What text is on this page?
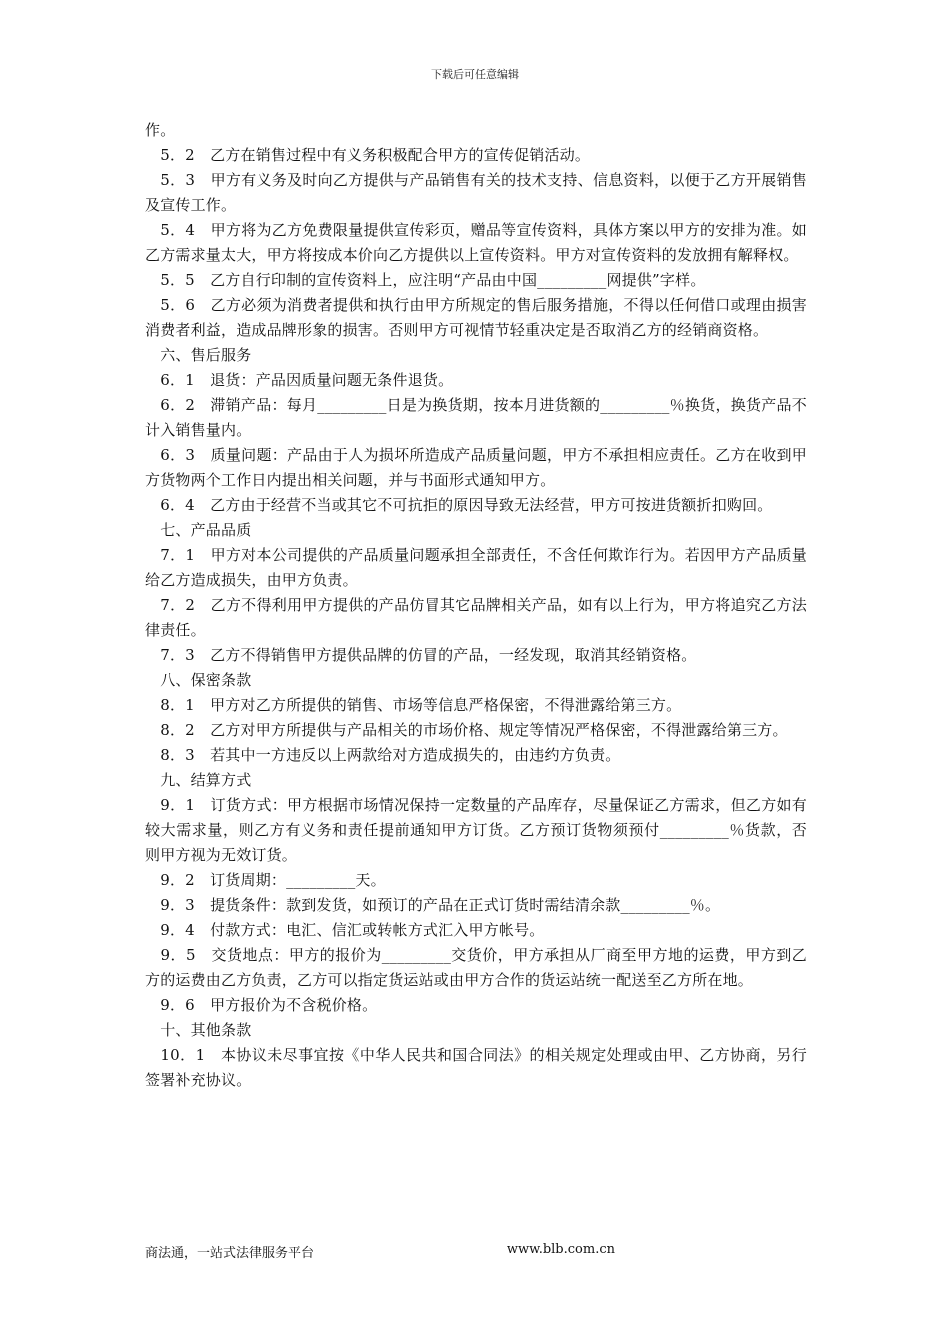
下载后可任意编辑

作。

　5．2　乙方在销售过程中有义务积极配合甲方的宣传促销活动。

　5．3　甲方有义务及时向乙方提供与产品销售有关的技术支持、信息资料，以便于乙方开展销售及宣传工作。

　5．4　甲方将为乙方免费限量提供宣传彩页，赠品等宣传资料，具体方案以甲方的安排为准。如乙方需求量太大，甲方将按成本价向乙方提供以上宣传资料。甲方对宣传资料的发放拥有解释权。

　5．5　乙方自行印制的宣传资料上，应注明“产品由中国_________网提供”字样。

　5．6　乙方必须为消费者提供和执行由甲方所规定的售后服务措施，不得以任何借口或理由损害消费者利益，造成品牌形象的损害。否则甲方可视情节轻重决定是否取消乙方的经销商资格。

　六、售后服务

　6．1　退货：产品因质量问题无条件退货。

　6．2　滞销产品：每月_________日是为换货期，按本月进货额的_________％换货，换货产品不计入销售量内。

　6．3　质量问题：产品由于人为损坏所造成产品质量问题，甲方不承担相应责任。乙方在收到甲方货物两个工作日内提出相关问题，并与书面形式通知甲方。

　6．4　乙方由于经营不当或其它不可抗拒的原因导致无法经营，甲方可按进货额折扣购回。

　七、产品品质

　7．1　甲方对本公司提供的产品质量问题承担全部责任，不含任何欺诈行为。若因甲方产品质量给乙方造成损失，由甲方负责。

　7．2　乙方不得利用甲方提供的产品仿冒其它品牌相关产品，如有以上行为，甲方将追究乙方法律责任。

　7．3　乙方不得销售甲方提供品牌的仿冒的产品，一经发现，取消其经销资格。

　八、保密条款

　8．1　甲方对乙方所提供的销售、市场等信息严格保密，不得泄露给第三方。

　8．2　乙方对甲方所提供与产品相关的市场价格、规定等情况严格保密，不得泄露给第三方。

　8．3　若其中一方违反以上两款给对方造成损失的，由违约方负责。

　九、结算方式

　9．1　订货方式：甲方根据市场情况保持一定数量的产品库存，尽量保证乙方需求，但乙方如有较大需求量，则乙方有义务和责任提前通知甲方订货。乙方预订货物须预付_________％货款，否则甲方视为无效订货。

　9．2　订货周期：_________天。

　9．3　提货条件：款到发货，如预订的产品在正式订货时需结清余款_________％。

　9．4　付款方式：电汇、信汇或转帐方式汇入甲方帐号。

　9．5　交货地点：甲方的报价为_________交货价，甲方承担从厂商至甲方地的运费，甲方到乙方的运费由乙方负责，乙方可以指定货运站或由甲方合作的货运站统一配送至乙方所在地。

　9．6　甲方报价为不含税价格。

　十、其他条款

　10．1　本协议未尽事宜按《中华人民共和国合同法》的相关规定处理或由甲、乙方协商，另行签署补充协议。

商法通，一站式法律服务平台	www.blb.com.cn
